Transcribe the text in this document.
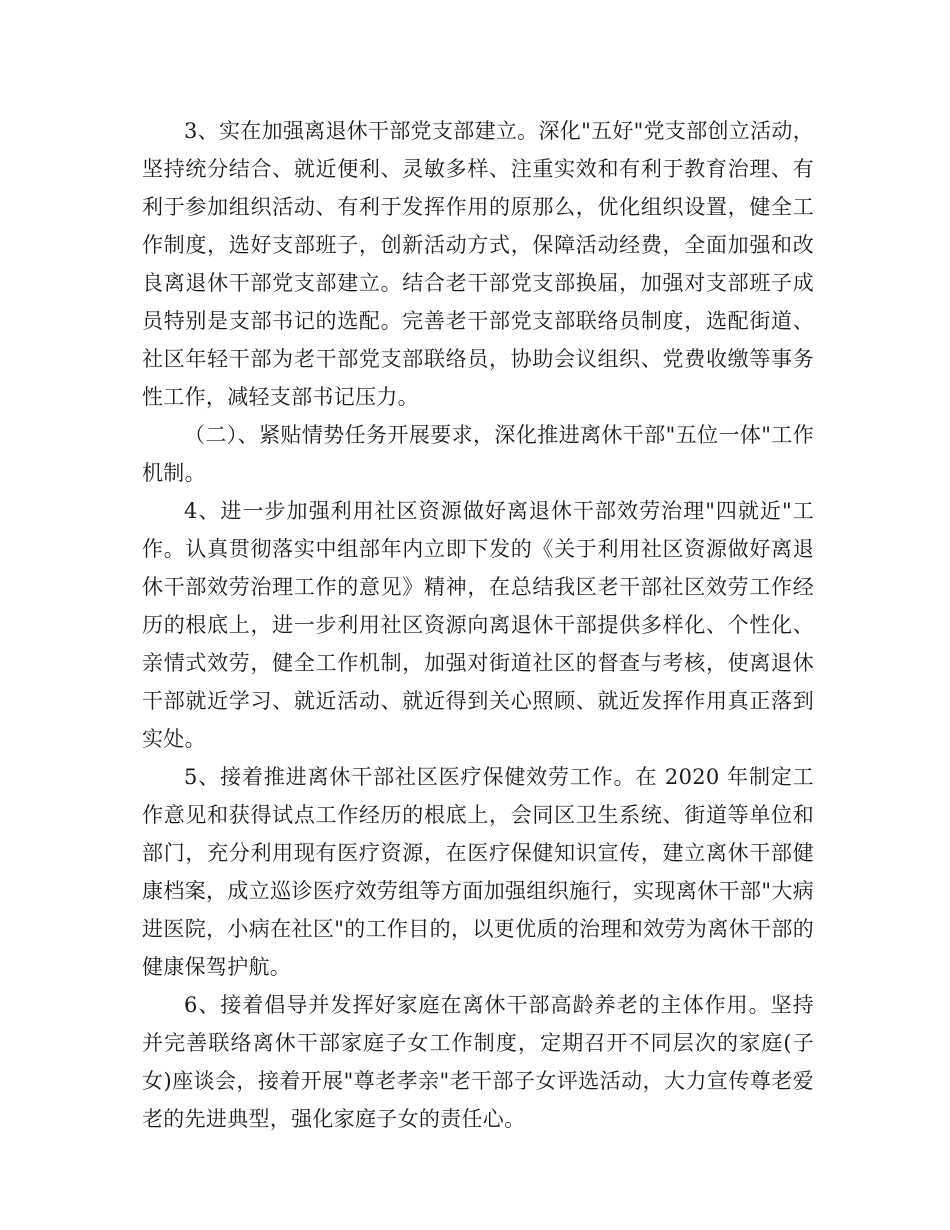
3、实在加强离退休干部党支部建立。深化"五好"党支部创立活动，坚持统分结合、就近便利、灵敏多样、注重实效和有利于教育治理、有利于参加组织活动、有利于发挥作用的原那么，优化组织设置，健全工作制度，选好支部班子，创新活动方式，保障活动经费，全面加强和改良离退休干部党支部建立。结合老干部党支部换届，加强对支部班子成员特别是支部书记的选配。完善老干部党支部联络员制度，选配街道、社区年轻干部为老干部党支部联络员，协助会议组织、党费收缴等事务性工作，减轻支部书记压力。

（二）、紧贴情势任务开展要求，深化推进离休干部"五位一体"工作机制。

4、进一步加强利用社区资源做好离退休干部效劳治理"四就近"工作。认真贯彻落实中组部年内立即下发的《关于利用社区资源做好离退休干部效劳治理工作的意见》精神，在总结我区老干部社区效劳工作经历的根底上，进一步利用社区资源向离退休干部提供多样化、个性化、亲情式效劳，健全工作机制，加强对街道社区的督查与考核，使离退休干部就近学习、就近活动、就近得到关心照顾、就近发挥作用真正落到实处。

5、接着推进离休干部社区医疗保健效劳工作。在 2020 年制定工作意见和获得试点工作经历的根底上，会同区卫生系统、街道等单位和部门，充分利用现有医疗资源，在医疗保健知识宣传，建立离休干部健康档案，成立巡诊医疗效劳组等方面加强组织施行，实现离休干部"大病进医院，小病在社区"的工作目的，以更优质的治理和效劳为离休干部的健康保驾护航。

6、接着倡导并发挥好家庭在离休干部高龄养老的主体作用。坚持并完善联络离休干部家庭子女工作制度，定期召开不同层次的家庭(子女)座谈会，接着开展"尊老孝亲"老干部子女评选活动，大力宣传尊老爱老的先进典型，强化家庭子女的责任心。
